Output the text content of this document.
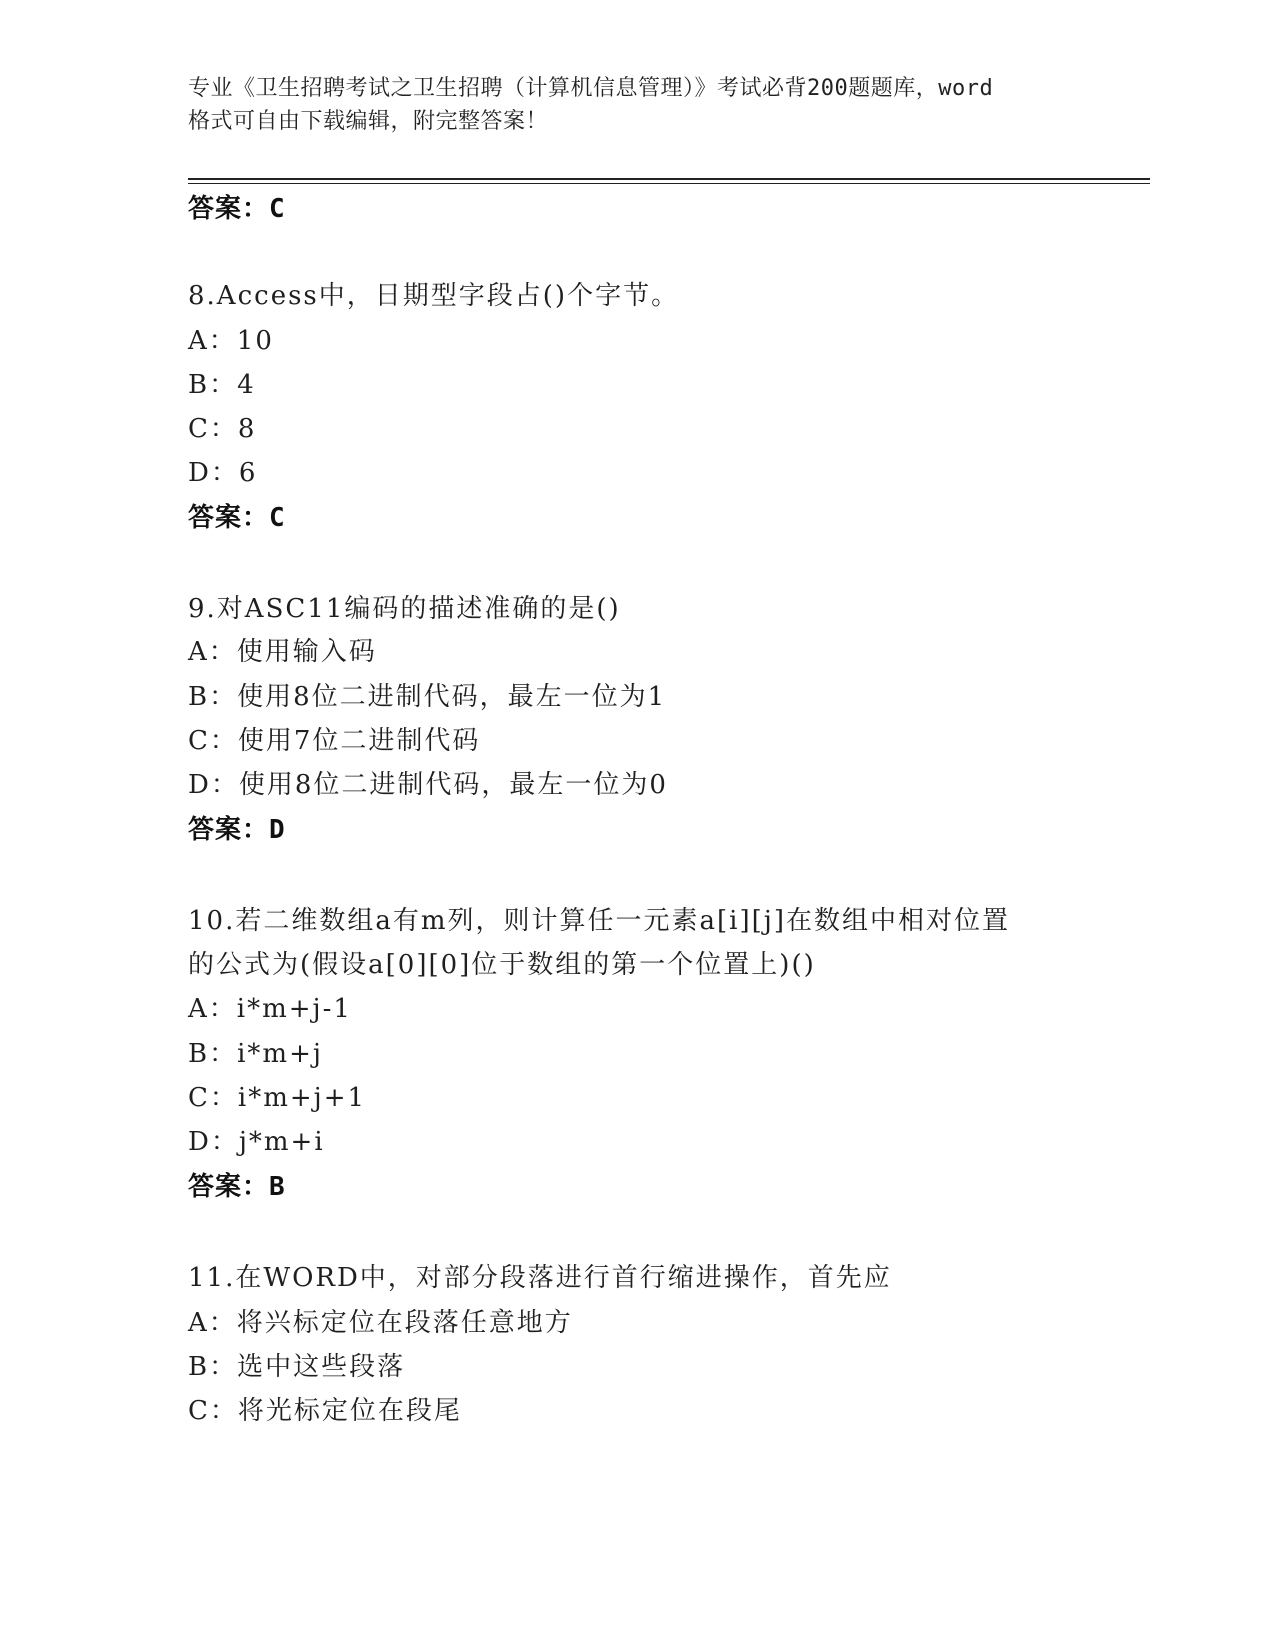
专业《卫生招聘考试之卫生招聘（计算机信息管理）》考试必背200题题库，word
格式可自由下载编辑，附完整答案！
答案：C
8.Access中，日期型字段占()个字节。
A：10
B：4
C：8
D：6
答案：C
9.对ASC11编码的描述准确的是()
A：使用输入码
B：使用8位二进制代码，最左一位为1
C：使用7位二进制代码
D：使用8位二进制代码，最左一位为0
答案：D
10.若二维数组a有m列，则计算任一元素a[i][j]在数组中相对位置
的公式为(假设a[0][0]位于数组的第一个位置上)()
A：i*m+j-1
B：i*m+j
C：i*m+j+1
D：j*m+i
答案：B
11.在WORD中，对部分段落进行首行缩进操作，首先应
A：将兴标定位在段落任意地方
B：选中这些段落
C：将光标定位在段尾
